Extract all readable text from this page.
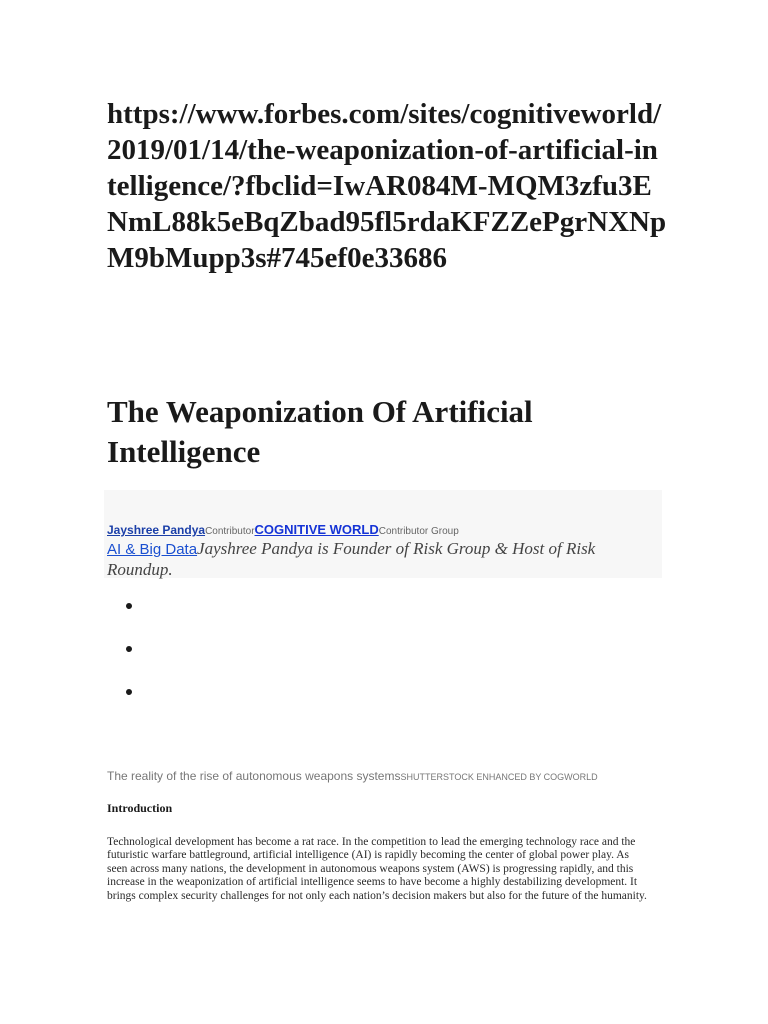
https://www.forbes.com/sites/cognitiveworld/2019/01/14/the-weaponization-of-artificial-intelligence/?fbclid=IwAR084M-MQM3zfu3ENmL88k5eBqZbad95fl5rdaKFZZePgrNXNpM9bMupp3s#745ef0e33686
The Weaponization Of Artificial Intelligence
Jayshree PandyaContributorCOGNITIVE WORLDContributor Group
AI & Big DataJayshree Pandya is Founder of Risk Group & Host of Risk Roundup.
The reality of the rise of autonomous weapons systemsSHUTTERSTOCK ENHANCED BY COGWORLD
Introduction

Technological development has become a rat race. In the competition to lead the emerging technology race and the futuristic warfare battleground, artificial intelligence (AI) is rapidly becoming the center of global power play. As seen across many nations, the development in autonomous weapons system (AWS) is progressing rapidly, and this increase in the weaponization of artificial intelligence seems to have become a highly destabilizing development. It brings complex security challenges for not only each nation’s decision makers but also for the future of the humanity.
